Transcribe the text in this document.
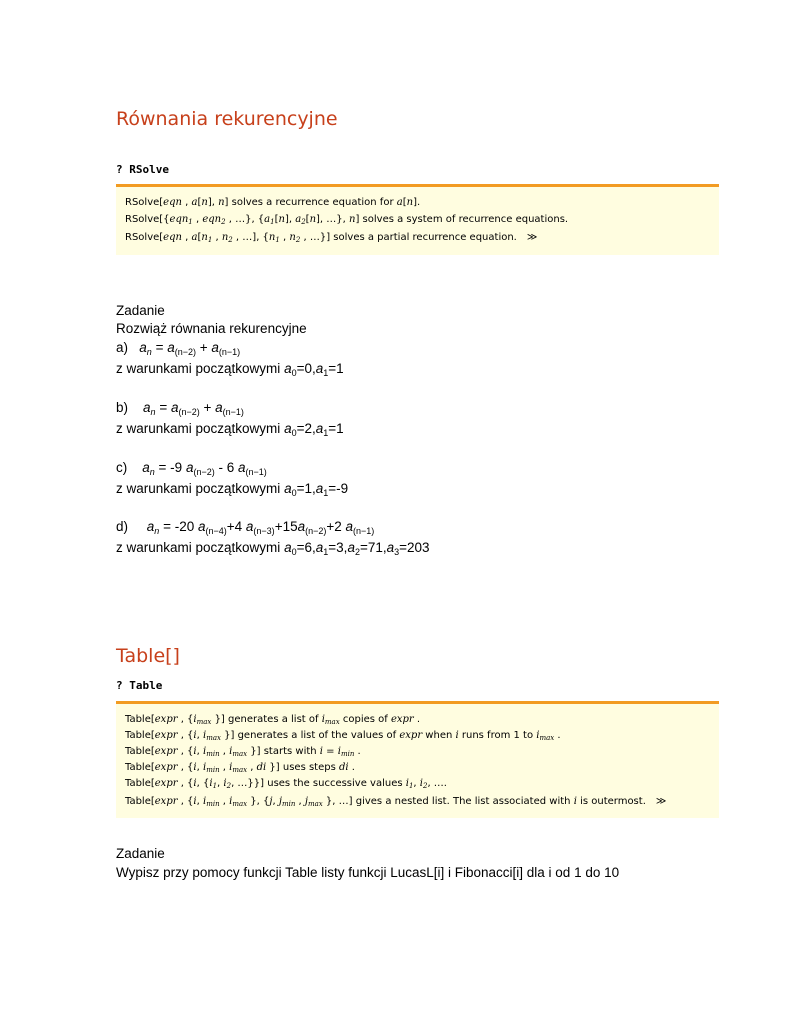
Równania rekurencyjne
? RSolve
RSolve[eqn , a[n], n] solves a recurrence equation for a[n].
RSolve[{eqn$_1$ , eqn$_2$ , …}, {$a_1[n]$, $a_2[n]$, …}, n] solves a system of recurrence equations.
RSolve[eqn , $a[n_1$ , $n_2$ , …], {$n_1$ , $n_2$ , …}] solves a partial recurrence equation. ≫
Zadanie
Rozwiąż równania rekurencyjne
a) $a_n = a_{(n-2)} + a_{(n-1)}$
z warunkami początkowymi $a_0=0,a_1=1$
b) $a_n = a_{(n-2)} + a_{(n-1)}$
z warunkami początkowymi $a_0=2,a_1=1$
c) $a_n = -9$ $a_{(n-2)} - 6$ $a_{(n-1)}$
z warunkami początkowymi $a_0=1,a_1=-9$
d) $a_n = -20$ $a_{(n-4)}+4$ $a_{(n-3)}+15a_{(n-2)}+2$ $a_{(n-1)}$
z warunkami początkowymi $a_0=6,a_1=3,a_2=71,a_3=203$
Table[]
? Table
Table[expr , {$i_{max}$ }] generates a list of $i_{max}$ copies of expr .
Table[expr , {i, $i_{max}$ }] generates a list of the values of expr when i runs from 1 to $i_{max}$ .
Table[expr , {i, $i_{min}$ , $i_{max}$ }] starts with $i = i_{min}$ .
Table[expr , {i, $i_{min}$ , $i_{max}$ , di }] uses steps di .
Table[expr , {i, {$i_1$, $i_2$, …}}] uses the successive values $i_1$, $i_2$, ….
Table[expr , {i, $i_{min}$ , $i_{max}$ }, {j, $j_{min}$ , $j_{max}$ }, …] gives a nested list. The list associated with i is outermost. ≫
Zadanie
Wypisz przy pomocy funkcji Table listy funkcji LucasL[i] i Fibonacci[i] dla i od 1 do 10
